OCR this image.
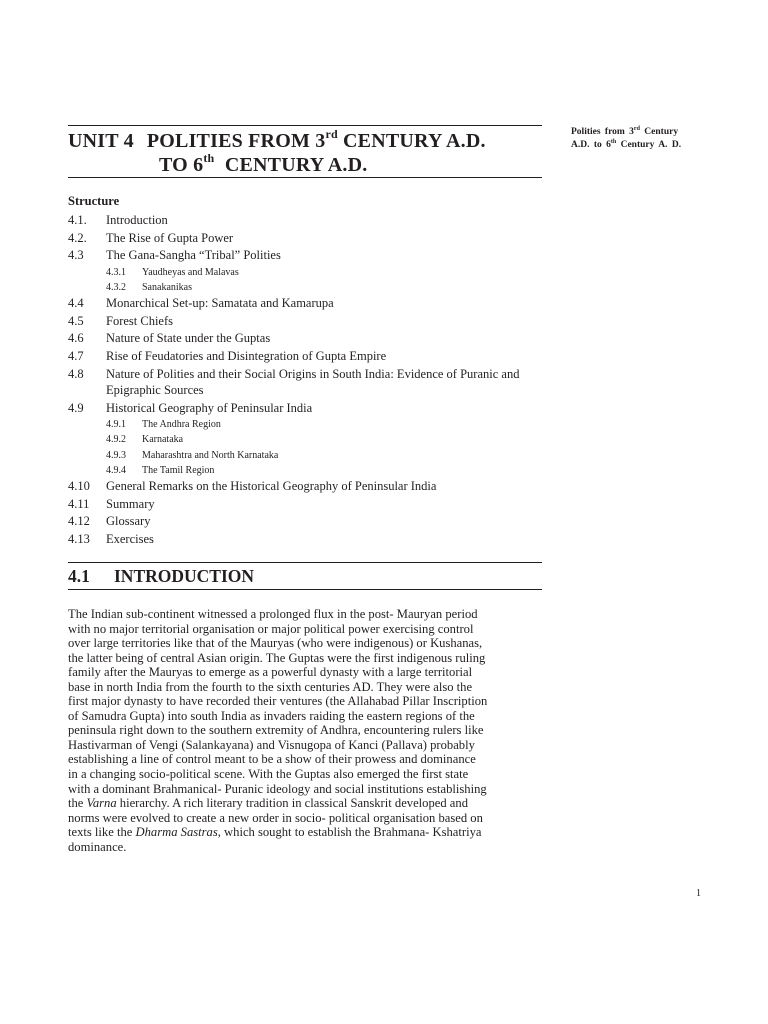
UNIT 4 POLITIES FROM 3rd CENTURY A.D.
TO 6th CENTURY A.D.
Polities from 3rd Century
A.D. to 6th Century A. D.
Structure
4.1.	Introduction
4.2.	The Rise of Gupta Power
4.3	The Gana-Sangha “Tribal” Polities
4.3.1	Yaudheyas and Malavas
4.3.2	Sanakanikas
4.4	Monarchical Set-up: Samatata and Kamarupa
4.5	Forest Chiefs
4.6	Nature of State under the Guptas
4.7	Rise of Feudatories and Disintegration of Gupta Empire
4.8	Nature of Polities and their Social Origins in South India: Evidence of Puranic and Epigraphic Sources
4.9	Historical Geography of Peninsular India
4.9.1	The Andhra Region
4.9.2	Karnataka
4.9.3	Maharashtra and North Karnataka
4.9.4	The Tamil Region
4.10	General Remarks on the Historical Geography of Peninsular India
4.11	Summary
4.12	Glossary
4.13	Exercises
4.1 INTRODUCTION
The Indian sub-continent witnessed a prolonged flux in the post- Mauryan period
with no major territorial organisation or major political power exercising control
over large territories like that of the Mauryas (who were indigenous) or Kushanas,
the latter being of central Asian origin. The Guptas were the first indigenous ruling
family after the Mauryas to emerge as a powerful dynasty with a large territorial
base in north India from the fourth to the sixth centuries AD. They were also the
first major dynasty to have recorded their ventures (the Allahabad Pillar Inscription
of Samudra Gupta) into south India as invaders raiding the eastern regions of the
peninsula right down to the southern extremity of Andhra, encountering rulers like
Hastivarman of Vengi (Salankayana) and Visnugopa of Kanci (Pallava) probably
establishing a line of control meant to be a show of their prowess and dominance
in a changing socio-political scene. With the Guptas also emerged the first state
with a dominant Brahmanical- Puranic ideology and social institutions establishing
the Varna hierarchy. A rich literary tradition in classical Sanskrit developed and
norms were evolved to create a new order in socio- political organisation based on
texts like the Dharma Sastras, which sought to establish the Brahmana- Kshatriya
dominance.
1
